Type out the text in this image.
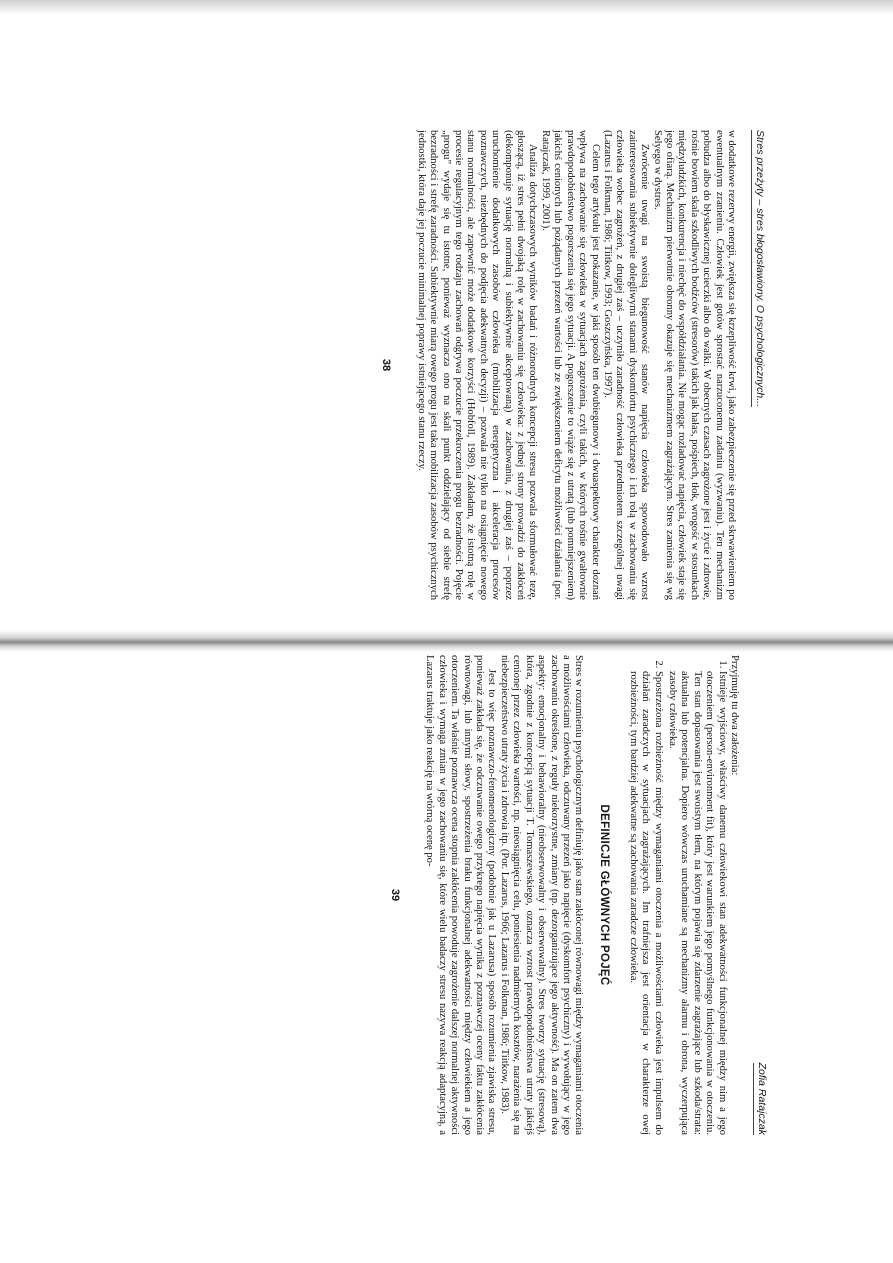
Stres przeżyty – stres błogosławiony. O psychologicznych...

w dodatkowe rezerwy energii, zwiększa się krzepliwość krwi, jako zabezpieczenie się przed skrwawieniem po ewentualnym zranieniu. Człowiek jest gotów sprostać narzuconemu zadaniu (wyzwaniu). Ten mechanizm pobudza albo do błyskawicznej ucieczki albo do walki. W obecnych czasach zagrożone jest i życie i zdrowie, rośnie bowiem skala szkodliwych bodźców (stresorów) takich jak hałas, pośpiech, tłok, wrogość w stosunkach międzyludzkich, konkurencja i niechęć do współdziałania. Nie mogąc rozładować napięcia, człowiek staje się jego ofiarą. Mechanizm pierwotnie obronny okazuje się mechanizmem zagrażającym. Stres zamienia się wg Selyego w dystres.

Zwrócenie uwagi na swoistą biegunowość stanów napięcia człowieka spowodowało wzrost zainteresowania subiektywnie dolegliwymi stanami dyskomfortu psychicznego i ich rolą w zachowaniu się człowieka wobec zagrożeń, z drugiej zaś – uczyniło zaradność człowieka przedmiotem szczególnej uwagi (Lazarus i Folkman, 1986; Tiitkow, 1993; Goszczyńska, 1997).

Celem tego artykułu jest pokazanie, w jaki sposób ten dwubiegunowy i dwuaspektowy charakter doznań wpływa na zachowanie się człowieka w sytuacjach zagrożenia, czyli takich, w których rośnie gwałtownie prawdopodobieństwo pogorszenia się jego sytuacji. A pogorszenie to wiąże się z utratą (lub pomniejszeniem) jakichś cenionych lub pożądanych przezeń wartości lub ze zwiększeniem deficytu możliwości działania (por. Ratajczak, 1999, 2001).

Analiza dotychczasowych wyników badań i różnorodnych koncepcji stresu pozwala sformułować tezę, głoszącą, iż stres pełni dwojaką rolę w zachowaniu się człowieka: z jednej strony prowadzi do zakłóceń (dekomponuje sytuację normalną i subiektywnie akceptowaną) w zachowaniu, z drugiej zaś – poprzez uruchomienie dodatkowych zasobów człowieka (mobilizacja energetyczna i akceleracja procesów poznawczych, niezbędnych do podjęcia adekwatnych decyzji) – pozwala nie tylko na osiągnięcie nowego stanu normalności, ale zapewnić może dodatkowe korzyści (Hobfoll, 1989). Zakładam, że istotną rolę w procesie regulacyjnym tego rodzaju zachowań odgrywa poczucie przekroczenia progu bezradności. Pojęcie „progu” wydaje się tu istotne, ponieważ wyznacza ono na skali punkt oddzielający od siebie strefę bezradności i strefę zaradności. Subiektywnie miarą owego progu jest taka mobilizacja zasobów psychicznych jednostki, która daje jej poczucie minimalnej poprawy istniejącego stanu rzeczy.

38
Zofia Ratajczak

Przyjmuję tu dwa założenia:

1. Istnieje wyjściowy, właściwy danemu człowiekowi stan adekwatności funkcjonalnej między nim a jego otoczeniem (person-environment fit), który jest warunkiem jego pomyślnego funkcjonowania w otoczeniu. Ten stan dopasowania jest swoistym tłem, na którym pojawia się zdarzenie zagrażające lub szkoda/strata: aktualna lub potencjalna. Dopiero wówczas uruchamiane są mechanizmy alarmu i obrona, wyczerpująca zasoby człowieka.
2. Spostrzeżona rozbieżność między wymaganiami otoczenia a możliwościami człowieka jest impulsem do działań zaradczych w sytuacjach zagrażających. Im trafniejsza jest orientacja w charakterze owej rozbieżności, tym bardziej adekwatne są zachowania zaradcze człowieka.
DEFINICJE GŁÓWNYCH POJĘĆ

Stres w rozumieniu psychologicznym definiuję jako stan zakłóconej równowagi między wymaganiami otoczenia a możliwościami człowieka, odczuwany przezeń jako napięcie (dyskomfort psychiczny) i wywołujący w jego zachowaniu określone, z reguły niekorzystne, zmiany (np. dezorganizujące jego aktywność). Ma on zatem dwa aspekty: emocjonalny i behawioralny (nieobserwowalny i obserwowalny). Stres tworzy sytuację (stresową), która, zgodnie z koncepcją sytuacji T. Tomaszewskiego, oznacza wzrost prawdopodobieństwa utraty jakiejś cenionej przez człowieka wartości, np. nieosiągnięcia celu, poniesienia nadmiernych kosztów, narażenia się na niebezpieczeństwo utraty życia i zdrowia itp. (Por. Lazarus, 1966; Lazarus i Folkman, 1986; Tiitkow, 1983).

Jest to więc poznawczo-fenomenologiczny (podobnie jak u Lazarusa) sposób rozumienia zjawiska stresu, ponieważ zakłada się, że odczuwanie owego przykrego napięcia wynika z poznawczej oceny faktu zakłócenia równowagi, lub innymi słowy, spostrzeżenia braku funkcjonalnej adekwatności między człowiekiem a jego otoczeniem. Ta właśnie poznawcza ocena stopnia zakłócenia powoduje zagrożenie dalszej normalnej aktywności człowieka i wymaga zmian w jego zachowaniu się, które wielu badaczy stresu nazywa reakcją adaptacyjną, a Lazarus traktuje jako reakcję na wtórną ocenę po-

39
